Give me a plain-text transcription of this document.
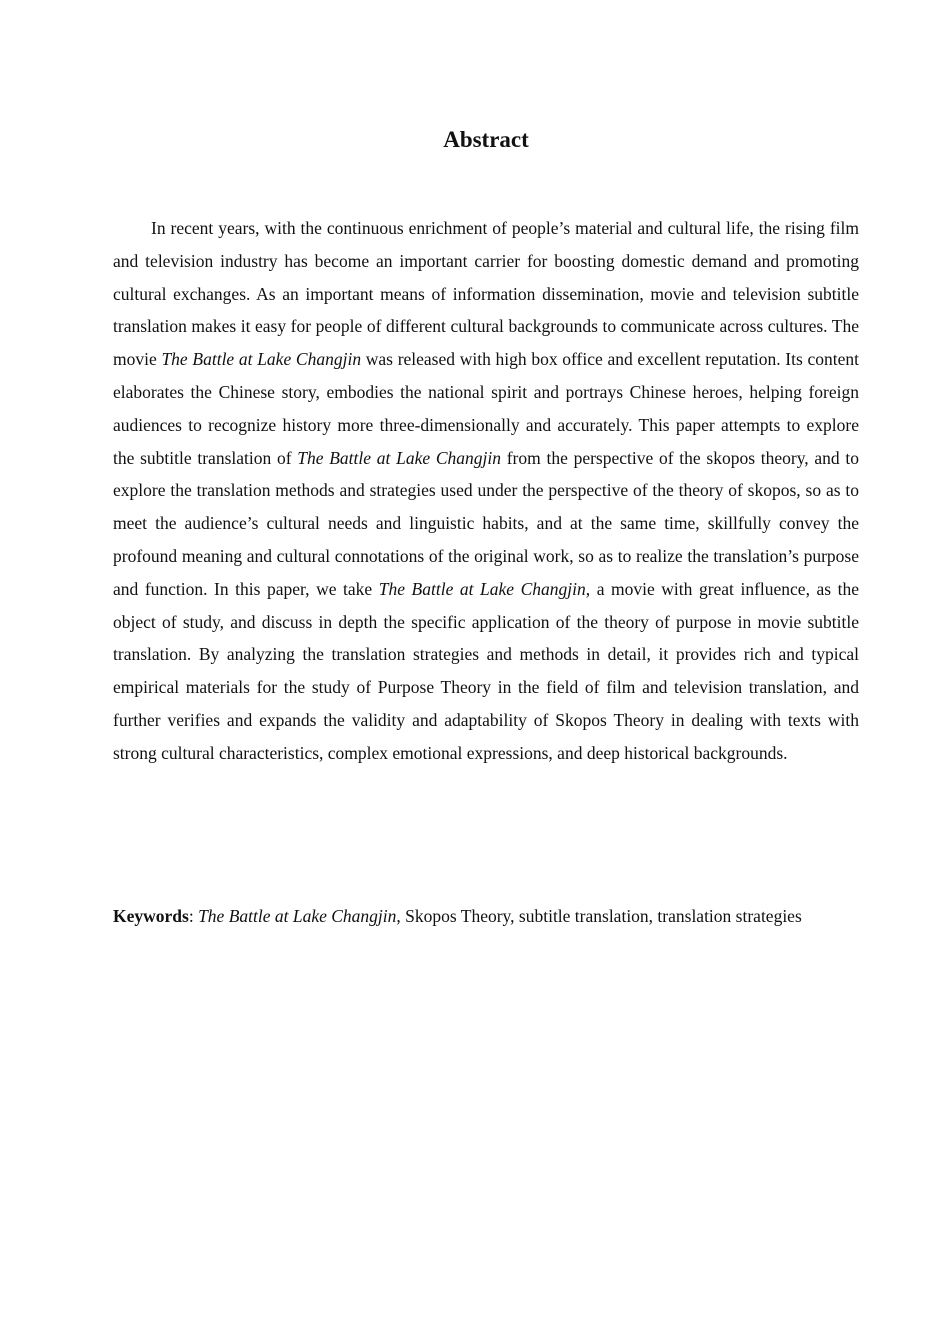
Abstract

In recent years, with the continuous enrichment of people’s material and cultural life, the rising film and television industry has become an important carrier for boosting domestic demand and promoting cultural exchanges. As an important means of information dissemination, movie and television subtitle translation makes it easy for people of different cultural backgrounds to communicate across cultures. The movie The Battle at Lake Changjin was released with high box office and excellent reputation. Its content elaborates the Chinese story, embodies the national spirit and portrays Chinese heroes, helping foreign audiences to recognize history more three-dimensionally and accurately. This paper attempts to explore the subtitle translation of The Battle at Lake Changjin from the perspective of the skopos theory, and to explore the translation methods and strategies used under the perspective of the theory of skopos, so as to meet the audience’s cultural needs and linguistic habits, and at the same time, skillfully convey the profound meaning and cultural connotations of the original work, so as to realize the translation’s purpose and function. In this paper, we take The Battle at Lake Changjin, a movie with great influence, as the object of study, and discuss in depth the specific application of the theory of purpose in movie subtitle translation. By analyzing the translation strategies and methods in detail, it provides rich and typical empirical materials for the study of Purpose Theory in the field of film and television translation, and further verifies and expands the validity and adaptability of Skopos Theory in dealing with texts with strong cultural characteristics, complex emotional expressions, and deep historical backgrounds.

Keywords: The Battle at Lake Changjin, Skopos Theory, subtitle translation, translation strategies
